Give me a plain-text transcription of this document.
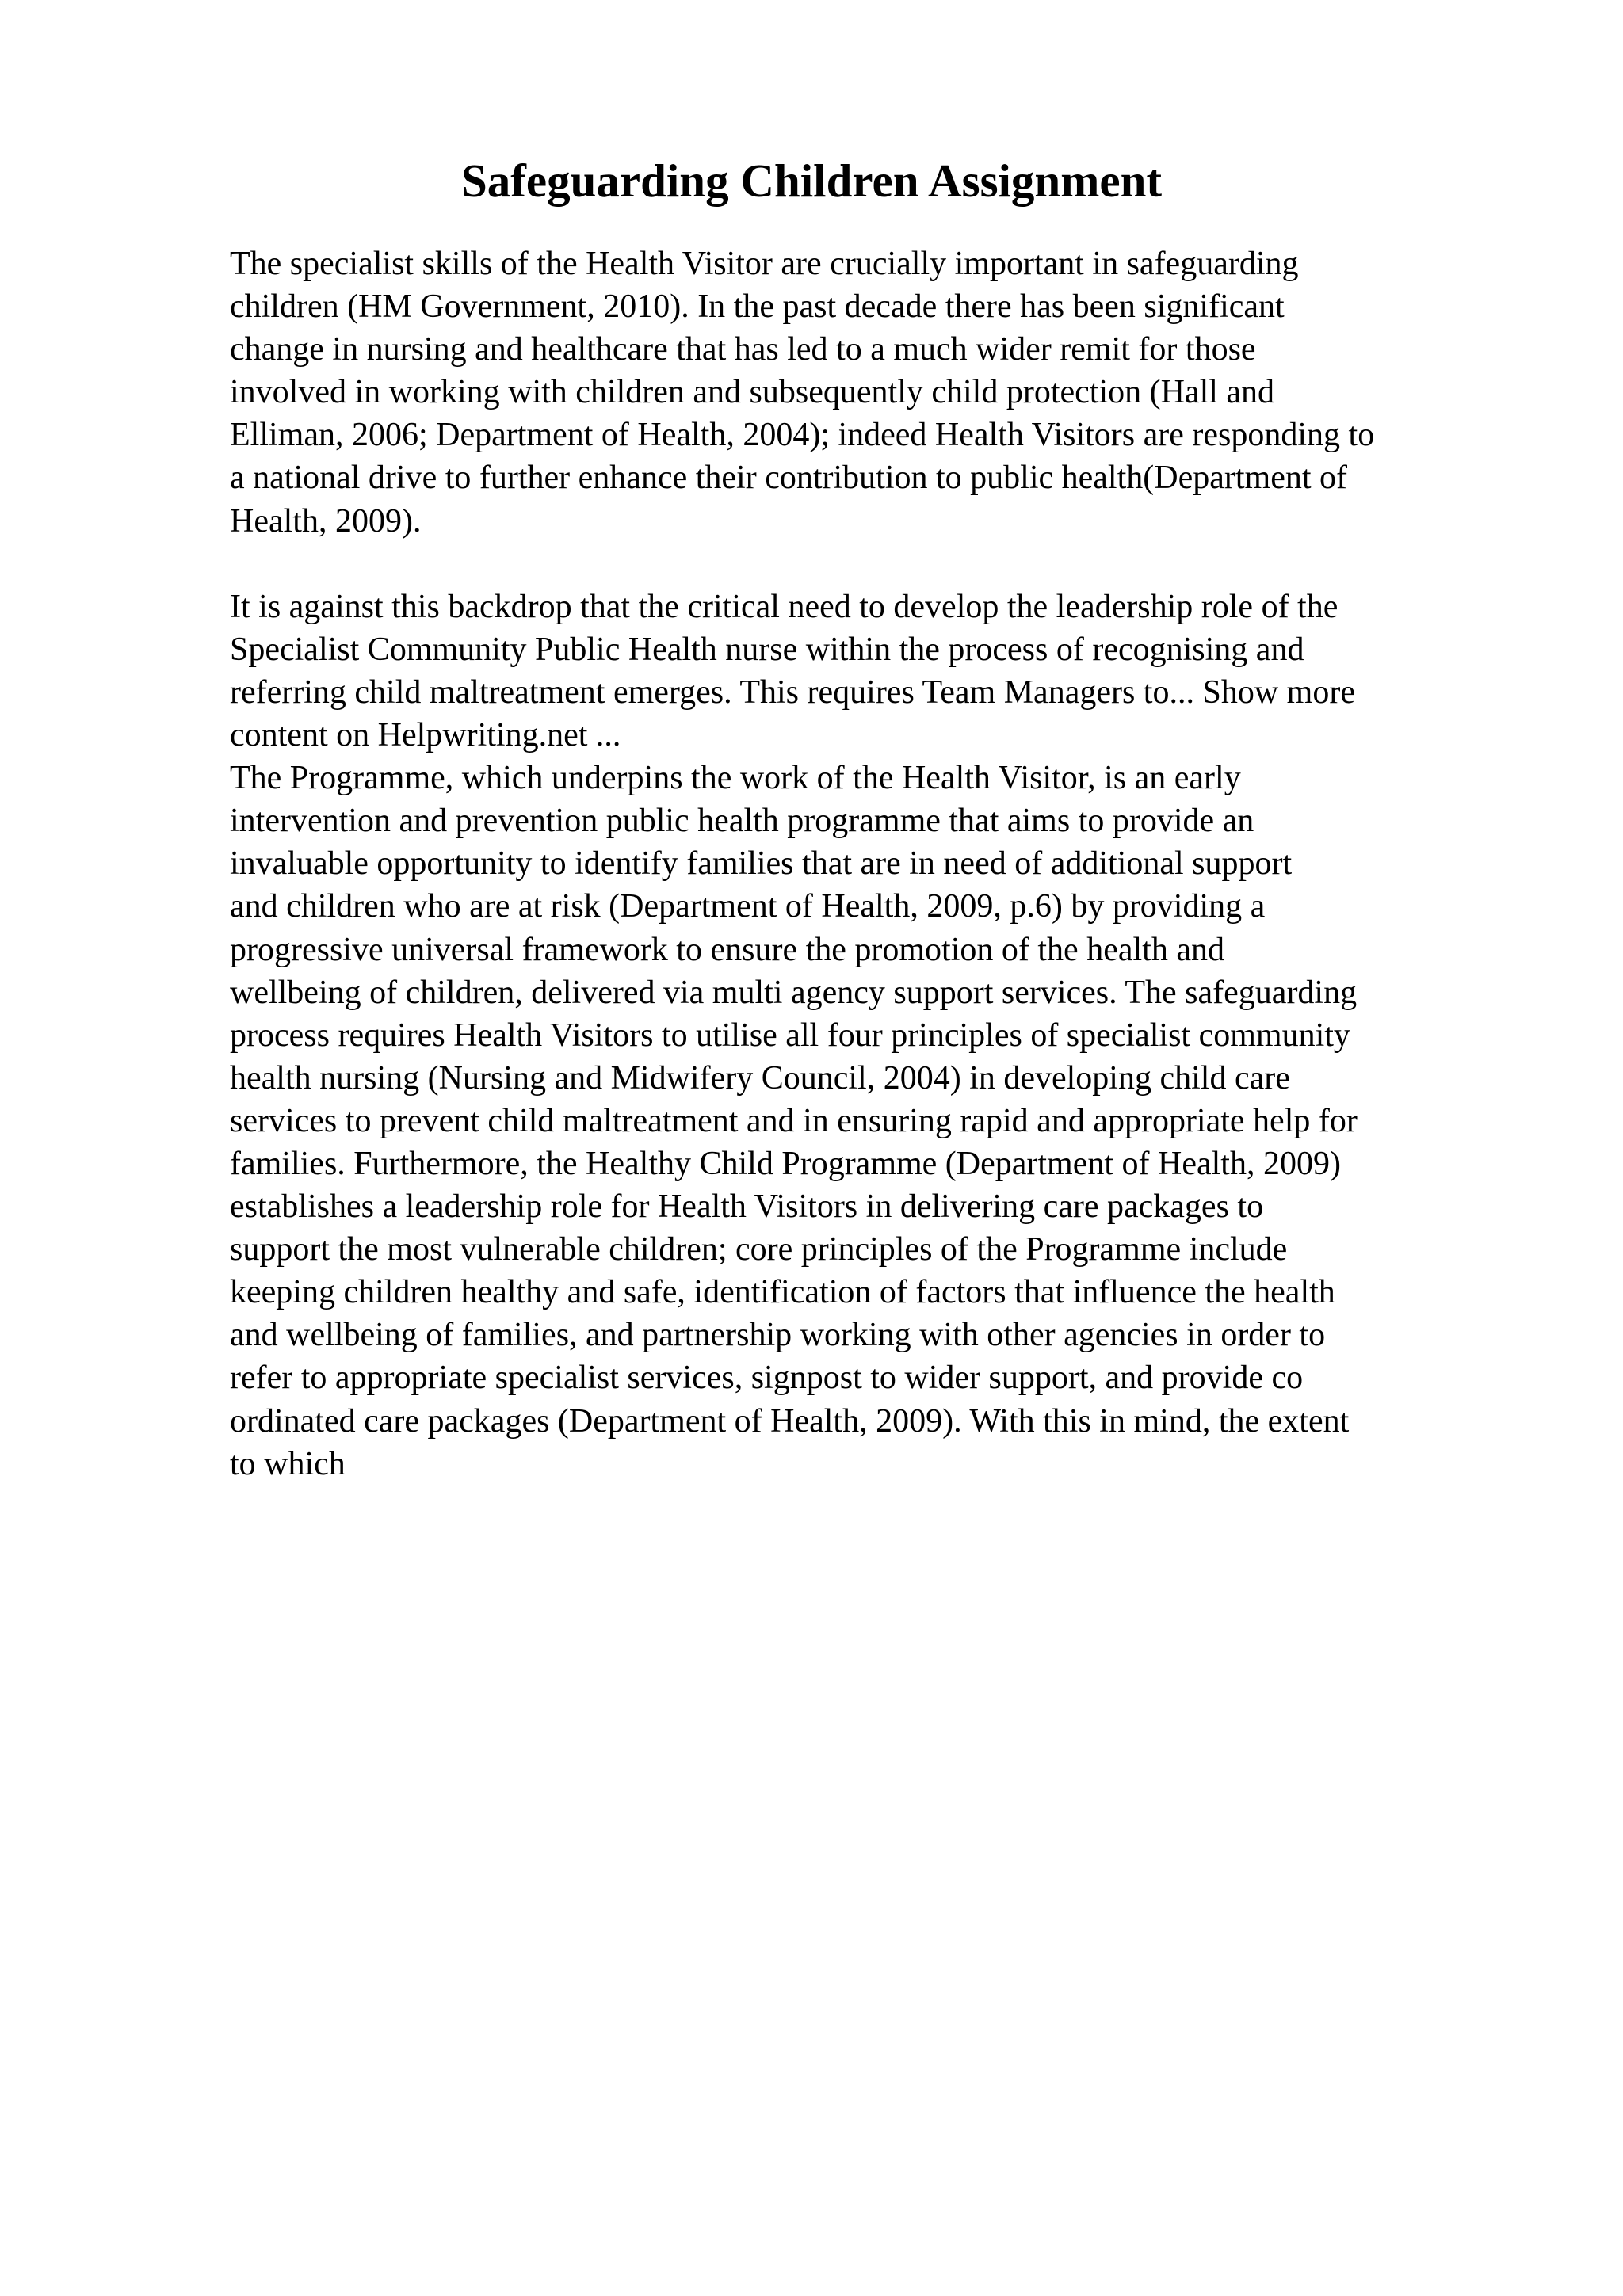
Safeguarding Children Assignment
The specialist skills of the Health Visitor are crucially important in safeguarding
children (HM Government, 2010). In the past decade there has been significant
change in nursing and healthcare that has led to a much wider remit for those
involved in working with children and subsequently child protection (Hall and
Elliman, 2006; Department of Health, 2004); indeed Health Visitors are responding to
a national drive to further enhance their contribution to public health(Department of
Health, 2009).
It is against this backdrop that the critical need to develop the leadership role of the
Specialist Community Public Health nurse within the process of recognising and
referring child maltreatment emerges. This requires Team Managers to... Show more
content on Helpwriting.net ...
The Programme, which underpins the work of the Health Visitor, is an early
intervention and prevention public health programme that aims to provide an
invaluable opportunity to identify families that are in need of additional support
and children who are at risk (Department of Health, 2009, p.6) by providing a
progressive universal framework to ensure the promotion of the health and
wellbeing of children, delivered via multi agency support services. The safeguarding
process requires Health Visitors to utilise all four principles of specialist community
health nursing (Nursing and Midwifery Council, 2004) in developing child care
services to prevent child maltreatment and in ensuring rapid and appropriate help for
families. Furthermore, the Healthy Child Programme (Department of Health, 2009)
establishes a leadership role for Health Visitors in delivering care packages to
support the most vulnerable children; core principles of the Programme include
keeping children healthy and safe, identification of factors that influence the health
and wellbeing of families, and partnership working with other agencies in order to
refer to appropriate specialist services, signpost to wider support, and provide co
ordinated care packages (Department of Health, 2009). With this in mind, the extent
to which
